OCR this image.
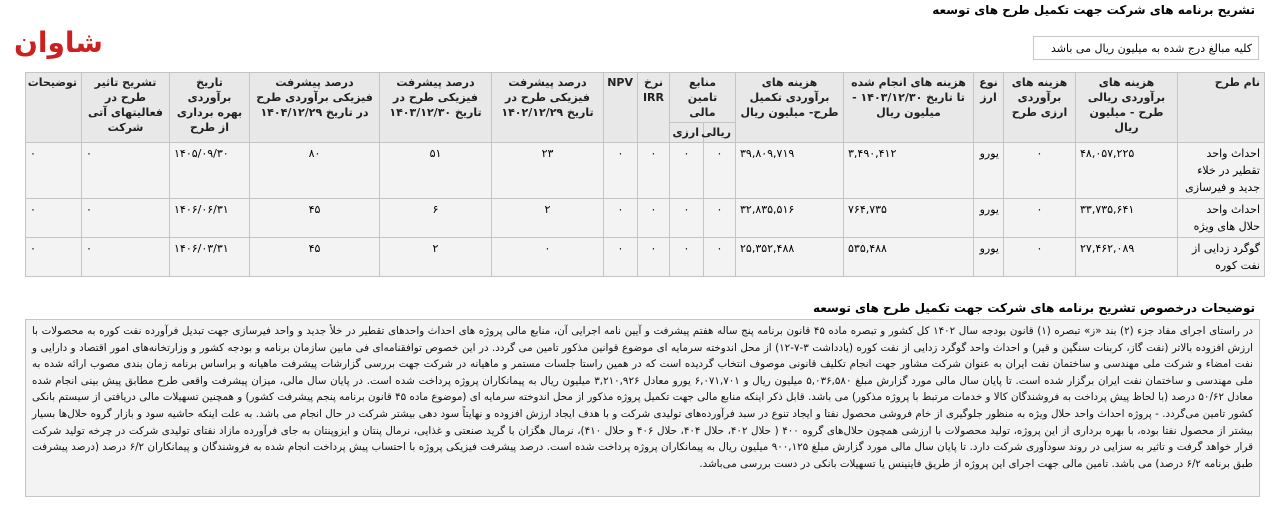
تشریح برنامه های شرکت جهت تکمیل طرح های توسعه
شاوان	کلیه مبالغ درج شده به میلیون ریال می باشد
نام طرح	هزینه های برآوردی ریالی طرح - میلیون ریال	هزینه های برآوردی ارزی طرح	نوع ارز	هزینه های انجام شده تا تاریخ ۱۴۰۳/۱۲/۳۰ - میلیون ریال	هزینه های برآوردی تکمیل طرح- میلیون ریال	منابع تامین مالی		نرخ IRR	NPV	درصد پیشرفت فیزیکی طرح در تاریخ ۱۴۰۲/۱۲/۲۹	درصد پیشرفت فیزیکی طرح در تاریخ ۱۴۰۳/۱۲/۳۰	درصد پیشرفت فیزیکی برآوردی طرح در تاریخ ۱۴۰۴/۱۲/۲۹	تاریخ برآوردی بهره برداری از طرح	تشریح تاثیر طرح در فعالیتهای آتی شرکت	توضیحات
						ریالی	ارزی								
احداث واحد تقطیر در خلاء جدید و فیرسازی	۴۸,۰۵۷,۲۲۵	۰	یورو	۳,۴۹۰,۴۱۲	۳۹,۸۰۹,۷۱۹	۰	۰	۰	۰	۲۳	۵۱	۸۰	۱۴۰۵/۰۹/۳۰	۰	۰
احداث واحد حلال های ویژه	۳۳,۷۳۵,۶۴۱	۰	یورو	۷۶۴,۷۳۵	۳۲,۸۳۵,۵۱۶	۰	۰	۰	۰	۲	۶	۴۵	۱۴۰۶/۰۶/۳۱	۰	۰
گوگرد زدایی از نفت کوره	۲۷,۴۶۲,۰۸۹	۰	یورو	۵۳۵,۴۸۸	۲۵,۳۵۲,۴۸۸	۰	۰	۰	۰	۰	۲	۴۵	۱۴۰۶/۰۳/۳۱	۰	۰
توضیحات درخصوص تشریح برنامه های شرکت جهت تکمیل طرح های توسعه
در راستای اجرای مفاد جزء (۲) بند «ز» تبصره (۱) قانون بودجه سال ۱۴۰۲ کل کشور و تبصره ماده ۴۵ قانون برنامه پنج ساله هفتم پیشرفت و آیین نامه اجرایی آن، منابع مالی پروژه های احداث واحدهای تقطیر در خلأ جدید و واحد فیرسازی جهت تبدیل فرآورده نفت کوره به محصولات با ارزش افزوده بالاتر (نفت گاز، کربنات سنگین و قیر) و احداث واحد گوگرد زدایی از نفت کوره (یادداشت ۳-۷-۱۲) از محل اندوخته سرمایه ای موضوع قوانین مذکور تامین می گردد. در این خصوص توافقنامه‌ای فی مابین سازمان برنامه و بودجه کشور و وزارتخانه‌های امور اقتصاد و دارایی و نفت امضاء و شرکت ملی مهندسی و ساختمان نفت ایران به عنوان شرکت مشاور جهت انجام تکلیف قانونی موصوف انتخاب گردیده است که در همین راستا جلسات مستمر و ماهیانه در شرکت جهت بررسی گزارشات پیشرفت ماهیانه و براساس برنامه زمان بندی مصوب ارائه شده به ملی مهندسی و ساختمان نفت ایران برگزار شده است. تا پایان سال مالی مورد گزارش مبلغ ۵,۰۳۶,۵۸۰ میلیون ریال و ۶,۰۷۱,۷۰۱ یورو معادل ۳,۲۱۰,۹۲۶ میلیون ریال به پیمانکاران پروژه پرداخت شده است. در پایان سال مالی، میزان پیشرفت واقعی طرح مطابق پیش بینی انجام شده معادل ۵۰/۶۲ درصد (با لحاظ پیش پرداخت به فروشندگان کالا و خدمات مرتبط با پروژه مذکور) می باشد. قابل ذکر اینکه منابع مالی جهت تکمیل پروژه مذکور از محل اندوخته سرمایه ای (موضوع ماده ۴۵ قانون برنامه پنجم پیشرفت کشور) و همچنین تسهیلات مالی دریافتی از سیستم بانکی کشور تامین می‌گردد. - پروژه احداث واحد حلال ویژه به منظور جلوگیری از خام فروشی محصول نفتا و ایجاد تنوع در سبد فرآورده‌های تولیدی شرکت و با هدف ایجاد ارزش افزوده و نهایتاً سود دهی بیشتر شرکت در حال انجام می باشد. به علت اینکه حاشیه سود و بازار گروه حلال‌ها بسیار بیشتر از محصول نفتا بوده، با بهره برداری از این پروژه، تولید محصولات با ارزشی همچون حلال‌های گروه ۴۰۰ ( حلال ۴۰۲، حلال ۴۰۴، حلال ۴۰۶ و حلال ۴۱۰)، نرمال هگزان با گرید صنعتی و غذایی، نرمال پنتان و ایزوپنتان به جای فرآورده مازاد نفتای تولیدی شرکت در چرخه تولید شرکت قرار خواهد گرفت و تاثیر به سزایی در روند سودآوری شرکت دارد. تا پایان سال مالی مورد گزارش مبلغ ۹۰۰,۱۲۵ میلیون ریال به پیمانکاران پروژه پرداخت شده است. درصد پیشرفت فیزیکی پروژه با احتساب پیش پرداخت انجام شده به فروشندگان و پیمانکاران ۶/۲ درصد (درصد پیشرفت طبق برنامه ۶/۲ درصد) می باشد. تامین مالی جهت اجرای این پروژه از طریق فاینینس یا تسهیلات بانکی در دست بررسی می‌باشد.
